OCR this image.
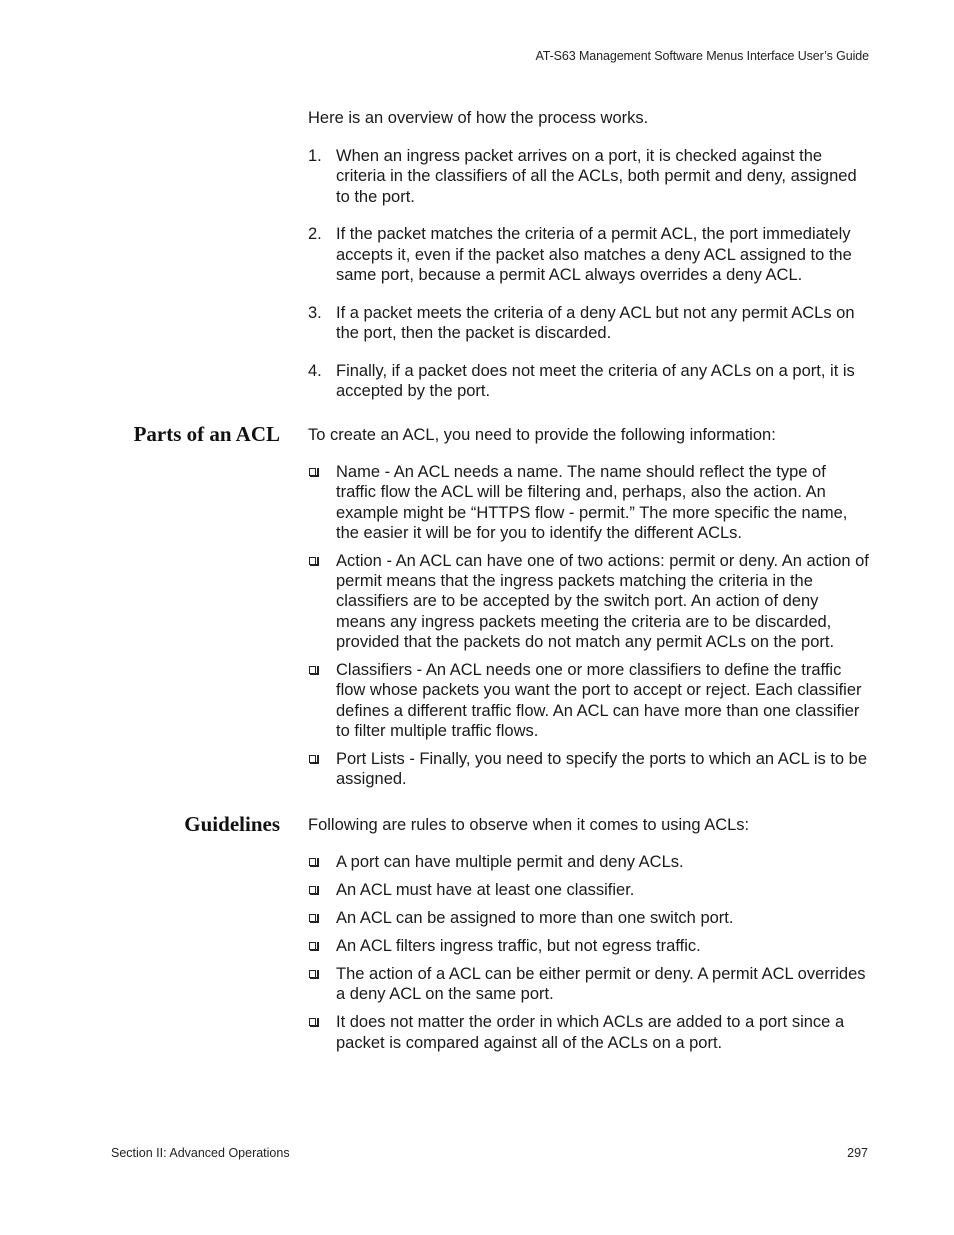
AT-S63 Management Software Menus Interface User’s Guide
Here is an overview of how the process works.
1. When an ingress packet arrives on a port, it is checked against the criteria in the classifiers of all the ACLs, both permit and deny, assigned to the port.
2. If the packet matches the criteria of a permit ACL, the port immediately accepts it, even if the packet also matches a deny ACL assigned to the same port, because a permit ACL always overrides a deny ACL.
3. If a packet meets the criteria of a deny ACL but not any permit ACLs on the port, then the packet is discarded.
4. Finally, if a packet does not meet the criteria of any ACLs on a port, it is accepted by the port.
Parts of an ACL To create an ACL, you need to provide the following information:
Name - An ACL needs a name. The name should reflect the type of traffic flow the ACL will be filtering and, perhaps, also the action. An example might be “HTTPS flow - permit.” The more specific the name, the easier it will be for you to identify the different ACLs.
Action - An ACL can have one of two actions: permit or deny. An action of permit means that the ingress packets matching the criteria in the classifiers are to be accepted by the switch port. An action of deny means any ingress packets meeting the criteria are to be discarded, provided that the packets do not match any permit ACLs on the port.
Classifiers - An ACL needs one or more classifiers to define the traffic flow whose packets you want the port to accept or reject. Each classifier defines a different traffic flow. An ACL can have more than one classifier to filter multiple traffic flows.
Port Lists - Finally, you need to specify the ports to which an ACL is to be assigned.
Guidelines Following are rules to observe when it comes to using ACLs:
A port can have multiple permit and deny ACLs.
An ACL must have at least one classifier.
An ACL can be assigned to more than one switch port.
An ACL filters ingress traffic, but not egress traffic.
The action of a ACL can be either permit or deny. A permit ACL overrides a deny ACL on the same port.
It does not matter the order in which ACLs are added to a port since a packet is compared against all of the ACLs on a port.
Section II: Advanced Operations	297
